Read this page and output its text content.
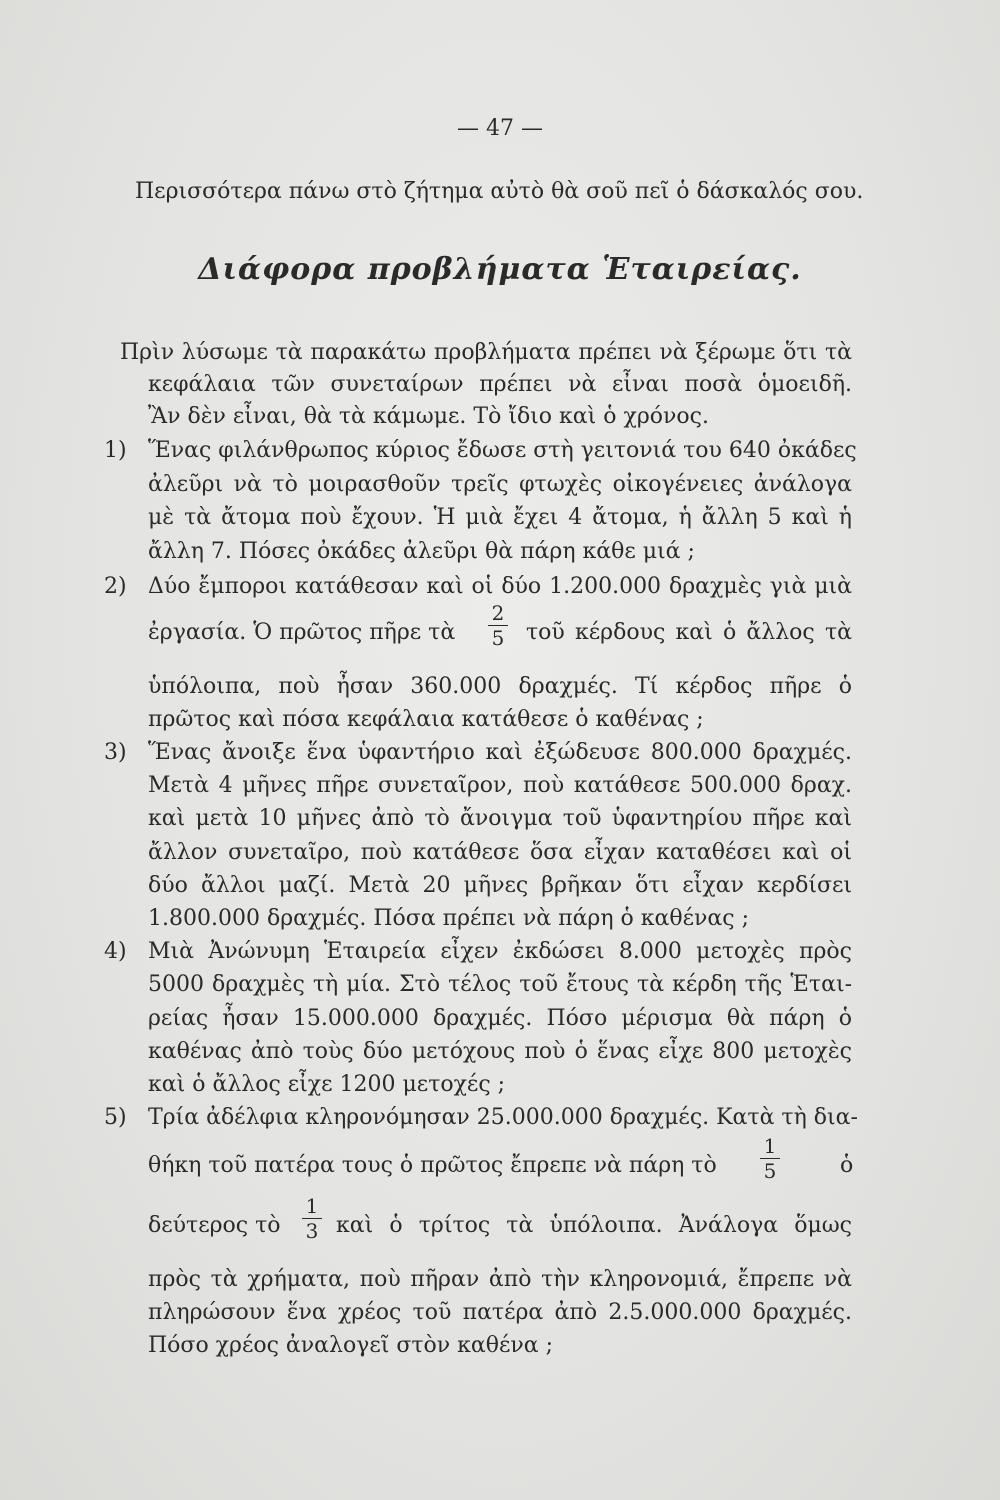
— 47 —
Περισσότερα πάνω στὸ ζήτημα αὐτὸ θὰ σοῦ πεῖ ὁ δάσκαλός σου.
Διάφορα προβλήματα Ἑταιρείας.
Πρὶν λύσωμε τὰ παρακάτω προβλήματα πρέπει νὰ ξέρωμε ὅτι τὰ
κεφάλαια τῶν συνεταίρων πρέπει νὰ εἶναι ποσὰ ὁμοειδῆ.
Ἂν δὲν εἶναι, θὰ τὰ κάμωμε. Τὸ ἴδιο καὶ ὁ χρόνος.
1) Ἕνας φιλάνθρωπος κύριος ἔδωσε στὴ γειτονιά του 640 ὀκάδες
ἀλεῦρι νὰ τὸ μοιρασθοῦν τρεῖς φτωχὲς οἰκογένειες ἀνάλογα
μὲ τὰ ἄτομα ποὺ ἔχουν. Ἡ μιὰ ἔχει 4 ἄτομα, ἡ ἄλλη 5 καὶ ἡ
ἄλλη 7. Πόσες ὀκάδες ἀλεῦρι θὰ πάρη κάθε μιά ;
2) Δύο ἔμποροι κατάθεσαν καὶ οἱ δύο 1.200.000 δραχμὲς γιὰ μιὰ
ἐργασία. Ὁ πρῶτος πῆρε τὰ
2
5 τοῦ κέρδους καὶ ὁ ἄλλος τὰ
ὑπόλοιπα, ποὺ ἦσαν 360.000 δραχμές. Τί κέρδος πῆρε ὁ
πρῶτος καὶ πόσα κεφάλαια κατάθεσε ὁ καθένας ;
3) Ἕνας ἄνοιξε ἕνα ὑφαντήριο καὶ ἐξώδευσε 800.000 δραχμές.
Μετὰ 4 μῆνες πῆρε συνεταῖρον, ποὺ κατάθεσε 500.000 δραχ.
καὶ μετὰ 10 μῆνες ἀπὸ τὸ ἄνοιγμα τοῦ ὑφαντηρίου πῆρε καὶ
ἄλλον συνεταῖρο, ποὺ κατάθεσε ὅσα εἶχαν καταθέσει καὶ οἱ
δύο ἄλλοι μαζί. Μετὰ 20 μῆνες βρῆκαν ὅτι εἶχαν κερδίσει
1.800.000 δραχμές. Πόσα πρέπει νὰ πάρη ὁ καθένας ;
4) Μιὰ Ἀνώνυμη Ἑταιρεία εἶχεν ἐκδώσει 8.000 μετοχὲς πρὸς
5000 δραχμὲς τὴ μία. Στὸ τέλος τοῦ ἔτους τὰ κέρδη τῆς Ἑται-
ρείας ἦσαν 15.000.000 δραχμές. Πόσο μέρισμα θὰ πάρη ὁ
καθένας ἀπὸ τοὺς δύο μετόχους ποὺ ὁ ἕνας εἶχε 800 μετοχὲς
καὶ ὁ ἄλλος εἶχε 1200 μετοχές ;
5) Τρία ἀδέλφια κληρονόμησαν 25.000.000 δραχμές. Κατὰ τὴ δια-
θήκη τοῦ πατέρα τους ὁ πρῶτος ἔπρεπε νὰ πάρη τὸ
1
5	ὁ
δεύτερος τὸ
1
3 καὶ ὁ τρίτος τὰ ὑπόλοιπα. Ἀνάλογα ὅμως
πρὸς τὰ χρήματα, ποὺ πῆραν ἀπὸ τὴν κληρονομιά, ἔπρεπε νὰ
πληρώσουν ἕνα χρέος τοῦ πατέρα ἀπὸ 2.5.000.000 δραχμές.
Πόσο χρέος ἀναλογεῖ στὸν καθένα ;
